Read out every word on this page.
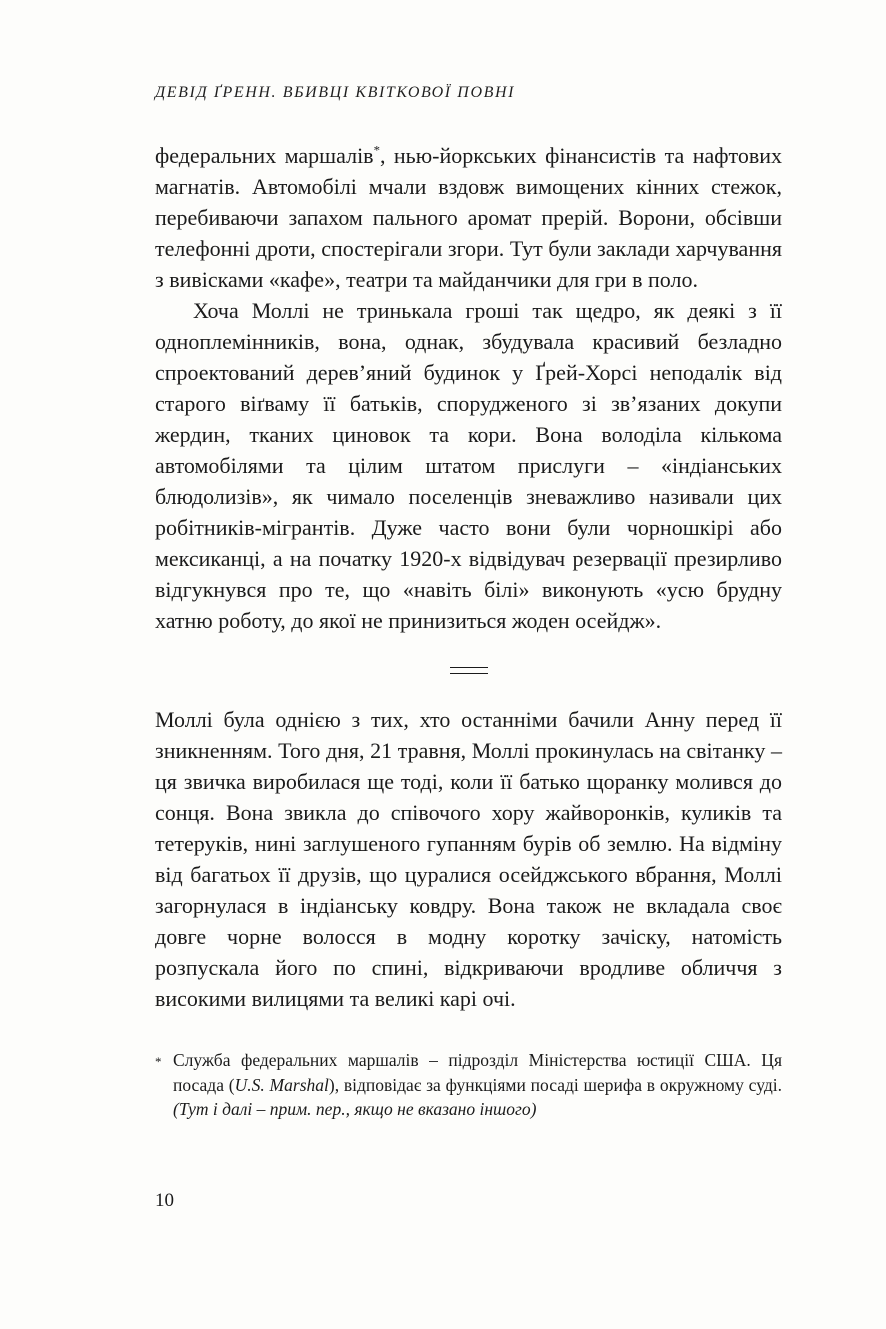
ДЕВІД ҐРЕНН. ВБИВЦІ КВІТКОВОЇ ПОВНІ

федеральних маршалів*, нью-йоркських фінансистів та нафтових магнатів. Автомобілі мчали вздовж вимощених кінних стежок, перебиваючи запахом пального аромат прерій. Ворони, обсівши телефонні дроти, спостерігали згори. Тут були заклади харчування з вивісками «кафе», театри та майданчики для гри в поло.

Хоча Моллі не тринькала гроші так щедро, як деякі з її одноплемінників, вона, однак, збудувала красивий безладно спроектований дерев’яний будинок у Ґрей-Хорсі неподалік від старого віґваму її батьків, спорудженого зі зв’язаних докупи жердин, тканих циновок та кори. Вона володіла кількома автомобілями та цілим штатом прислуги – «індіанських блюдолизів», як чимало поселенців зневажливо називали цих робітників-мігрантів. Дуже часто вони були чорношкірі або мексиканці, а на початку 1920-х відвідувач резервації презирливо відгукнувся про те, що «навіть білі» виконують «усю брудну хатню роботу, до якої не принизиться жоден осейдж».

Моллі була однією з тих, хто останніми бачили Анну перед її зникненням. Того дня, 21 травня, Моллі прокинулась на світанку – ця звичка виробилася ще тоді, коли її батько щоранку молився до сонця. Вона звикла до співочого хору жайворонків, куликів та тетеруків, нині заглушеного гупанням бурів об землю. На відміну від багатьох її друзів, що цуралися осейджського вбрання, Моллі загорнулася в індіанську ковдру. Вона також не вкладала своє довге чорне волосся в модну коротку зачіску, натомість розпускала його по спині, відкриваючи вродливе обличчя з високими вилицями та великі карі очі.

* Служба федеральних маршалів – підрозділ Міністерства юстиції США. Ця посада (U.S. Marshal), відповідає за функціями посаді шерифа в окружному суді. (Тут і далі – прим. пер., якщо не вказано іншого)
10
